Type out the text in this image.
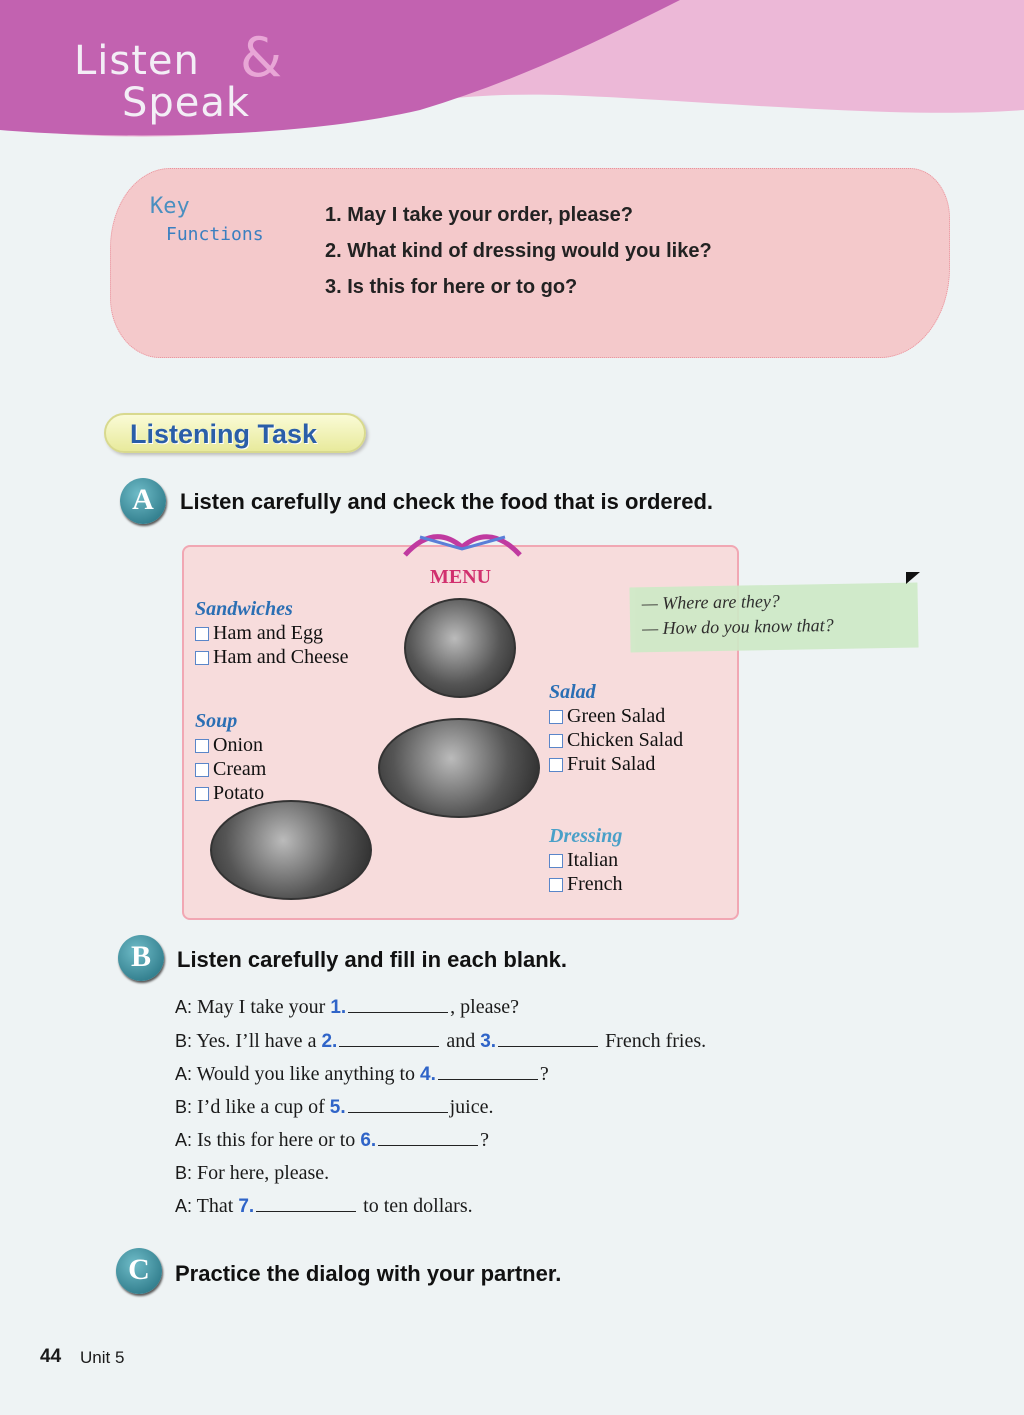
Listen &
Speak
Key
Functions
1. May I take your order, please?
2. What kind of dressing would you like?
3. Is this for here or to go?
Listening Task
A	Listen carefully and check the food that is ordered.
MENU
Sandwiches
Ham and Egg
Ham and Cheese
Soup
Onion
Cream
Potato
Salad
Green Salad
Chicken Salad
Fruit Salad
Dressing
Italian
French
— Where are they?
— How do you know that?
B	Listen carefully and fill in each blank.
A: May I take your 1.	, please?
B: Yes. I’ll have a 2.	and 3.	French fries.
A: Would you like anything to 4.	?
B: I’d like a cup of 5.	juice.
A: Is this for here or to 6.	?
B: For here, please.
A: That 7.	to ten dollars.
C	Practice the dialog with your partner.
44 Unit 5
